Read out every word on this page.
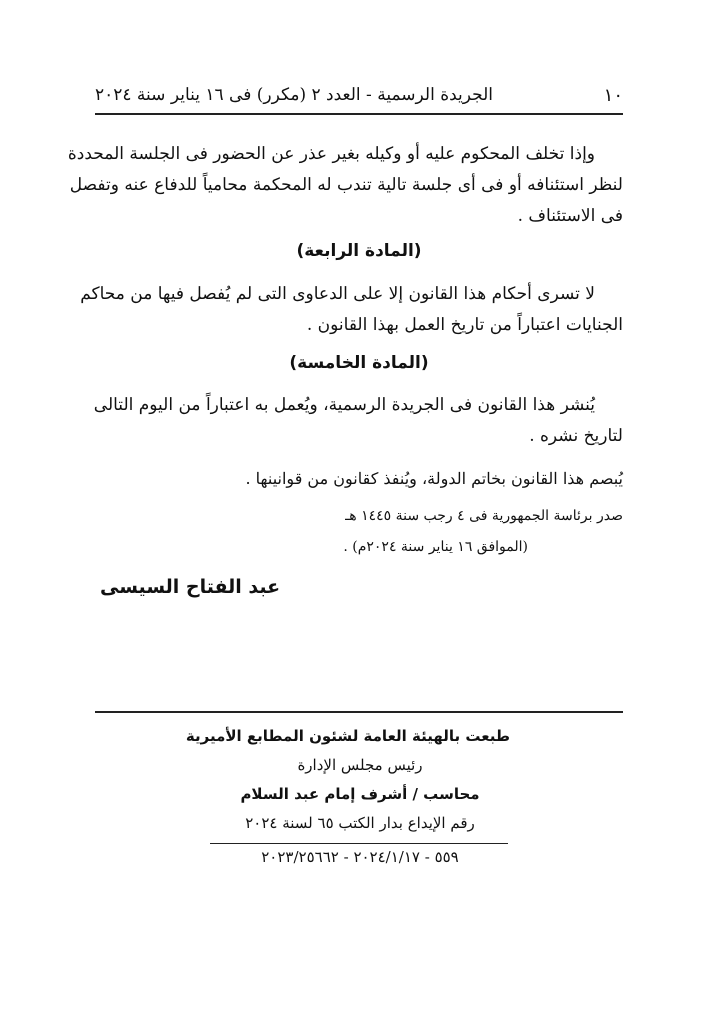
١٠
الجريدة الرسمية - العدد ٢ (مكرر) فى ١٦ يناير سنة ٢٠٢٤
وإذا تخلف المحكوم عليه أو وكيله بغير عذر عن الحضور فى الجلسة المحددة
لنظر استئنافه أو فى أى جلسة تالية تندب له المحكمة محامياً للدفاع عنه وتفصل
فى الاستئناف .
(المادة الرابعة)
لا تسرى أحكام هذا القانون إلا على الدعاوى التى لم يُفصل فيها من محاكم
الجنايات اعتباراً من تاريخ العمل بهذا القانون .
(المادة الخامسة)
يُنشر هذا القانون فى الجريدة الرسمية، ويُعمل به اعتباراً من اليوم التالى
لتاريخ نشره .
يُبصم هذا القانون بخاتم الدولة، ويُنفذ كقانون من قوانينها .
صدر برئاسة الجمهورية فى ٤ رجب سنة ١٤٤٥ هـ
(الموافق ١٦ يناير سنة ٢٠٢٤م) .
عبد الفتاح السيسى
طبعت بالهيئة العامة لشئون المطابع الأميرية
رئيس مجلس الإدارة
محاسب / أشرف إمام عبد السلام
رقم الإيداع بدار الكتب ٦٥ لسنة ٢٠٢٤
٥٥٩ - ٢٠٢٤/١/١٧ - ٢٠٢٣/٢٥٦٦٢
